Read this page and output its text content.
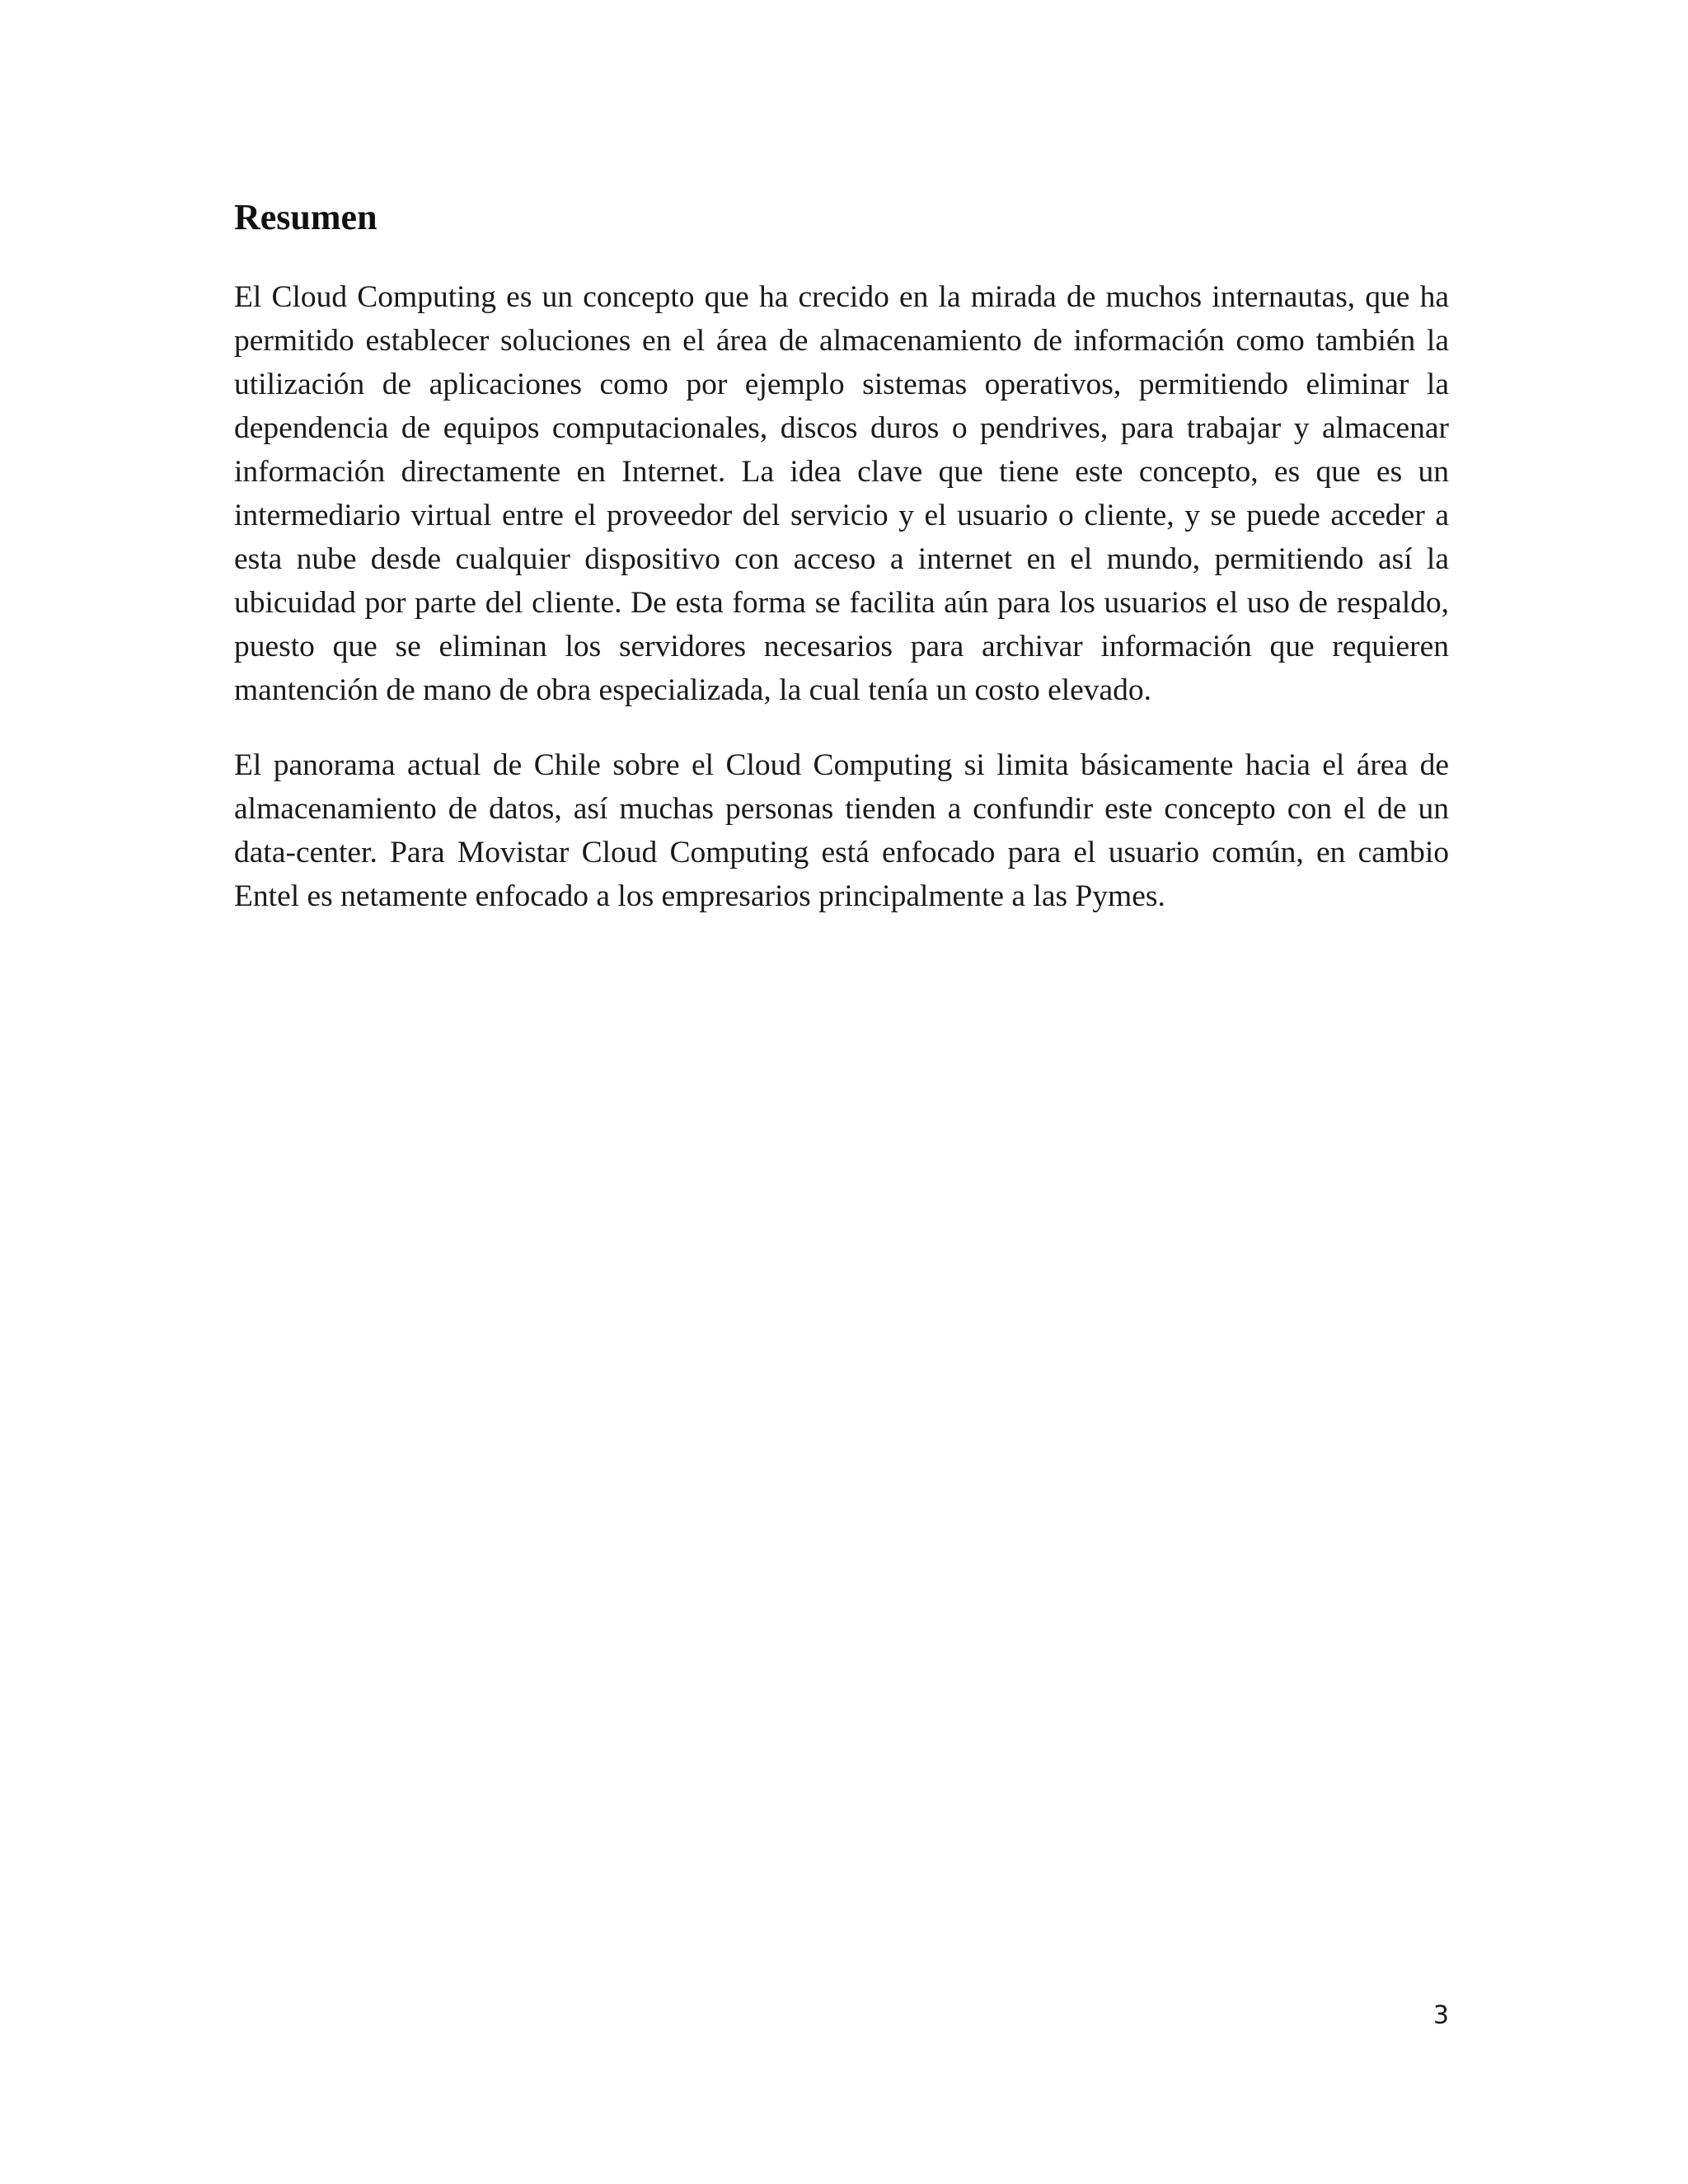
Resumen

El Cloud Computing es un concepto que ha crecido en la mirada de muchos internautas, que ha permitido establecer soluciones en el área de almacenamiento de información como también la utilización de aplicaciones como por ejemplo sistemas operativos, permitiendo eliminar la dependencia de equipos computacionales, discos duros o pendrives, para trabajar y almacenar información directamente en Internet. La idea clave que tiene este concepto, es que es un intermediario virtual entre el proveedor del servicio y el usuario o cliente, y se puede acceder a esta nube desde cualquier dispositivo con acceso a internet en el mundo, permitiendo así la ubicuidad por parte del cliente. De esta forma se facilita aún para los usuarios el uso de respaldo, puesto que se eliminan los servidores necesarios para archivar información que requieren mantención de mano de obra especializada, la cual tenía un costo elevado.

El panorama actual de Chile sobre el Cloud Computing si limita básicamente hacia el área de almacenamiento de datos, así muchas personas tienden a confundir este concepto con el de un data-center. Para Movistar Cloud Computing está enfocado para el usuario común, en cambio Entel es netamente enfocado a los empresarios principalmente a las Pymes.

3
